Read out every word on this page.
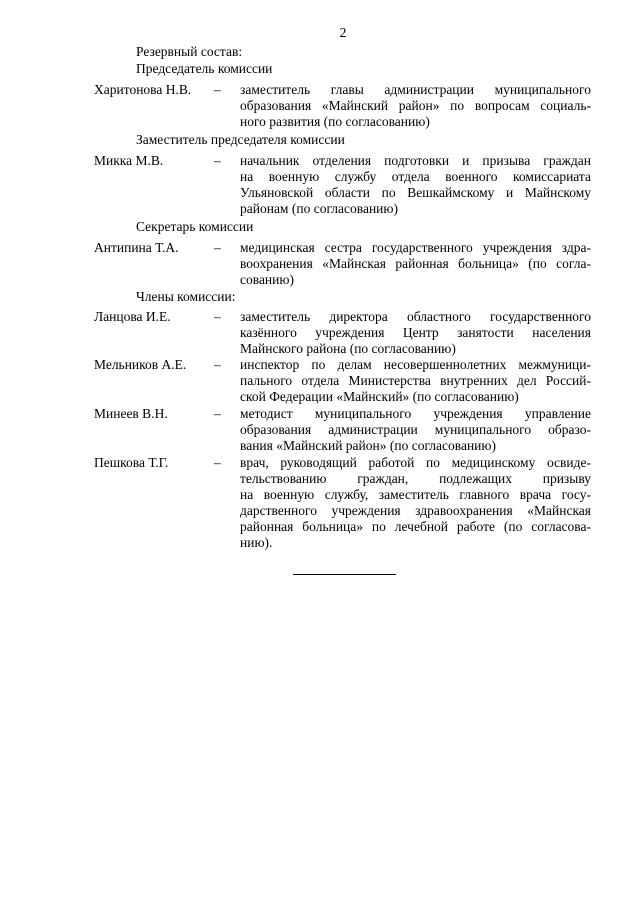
2
Резервный состав:
Председатель комиссии
Харитонова Н.В. – заместитель главы администрации муниципального
образования «Майнский район» по вопросам социаль-
ного развития (по согласованию)
Заместитель председателя комиссии
Микка М.В.	– начальник отделения подготовки и призыва граждан
на военную службу отдела военного комиссариата
Ульяновской области по Вешкаймскому и Майнскому
районам (по согласованию)
Секретарь комиссии
Антипина Т.А.	– медицинская сестра государственного учреждения здра-
воохранения «Майнская районная больница» (по согла-
сованию)
Члены комиссии:
Ланцова И.Е.	– заместитель директора областного государственного
казённого учреждения Центр занятости населения
Майнского района (по согласованию)
Мельников А.Е. – инспектор по делам несовершеннолетних межмуници-
пального отдела Министерства внутренних дел Россий-
ской Федерации «Майнский» (по согласованию)
Минеев В.Н.	– методист муниципального учреждения управление
образования администрации муниципального образо-
вания «Майнский район» (по согласованию)
Пешкова Т.Г.	– врач, руководящий работой по медицинскому освиде-
тельствованию граждан, подлежащих призыву
на военную службу, заместитель главного врача госу-
дарственного учреждения здравоохранения «Майнская
районная больница» по лечебной работе (по согласова-
нию).
